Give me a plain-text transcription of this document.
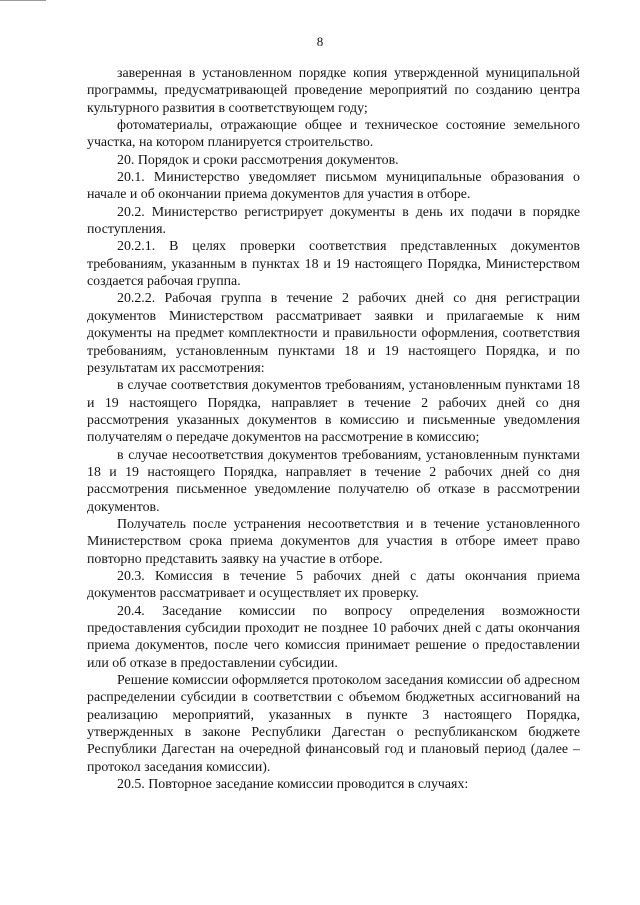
8

заверенная в установленном порядке копия утвержденной муниципальной программы, предусматривающей проведение мероприятий по созданию центра культурного развития в соответствующем году;

фотоматериалы, отражающие общее и техническое состояние земельного участка, на котором планируется строительство.

20. Порядок и сроки рассмотрения документов.

20.1. Министерство уведомляет письмом муниципальные образования о начале и об окончании приема документов для участия в отборе.

20.2. Министерство регистрирует документы в день их подачи в порядке поступления.

20.2.1. В целях проверки соответствия представленных документов требованиям, указанным в пунктах 18 и 19 настоящего Порядка, Министерством создается рабочая группа.

20.2.2. Рабочая группа в течение 2 рабочих дней со дня регистрации документов Министерством рассматривает заявки и прилагаемые к ним документы на предмет комплектности и правильности оформления, соответствия требованиям, установленным пунктами 18 и 19 настоящего Порядка, и по результатам их рассмотрения:

в случае соответствия документов требованиям, установленным пунктами 18 и 19 настоящего Порядка, направляет в течение 2 рабочих дней со дня рассмотрения указанных документов в комиссию и письменные уведомления получателям о передаче документов на рассмотрение в комиссию;

в случае несоответствия документов требованиям, установленным пунктами 18 и 19 настоящего Порядка, направляет в течение 2 рабочих дней со дня рассмотрения письменное уведомление получателю об отказе в рассмотрении документов.

Получатель после устранения несоответствия и в течение установленного Министерством срока приема документов для участия в отборе имеет право повторно представить заявку на участие в отборе.

20.3. Комиссия в течение 5 рабочих дней с даты окончания приема документов рассматривает и осуществляет их проверку.

20.4. Заседание комиссии по вопросу определения возможности предоставления субсидии проходит не позднее 10 рабочих дней с даты окончания приема документов, после чего комиссия принимает решение о предоставлении или об отказе в предоставлении субсидии.

Решение комиссии оформляется протоколом заседания комиссии об адресном распределении субсидии в соответствии с объемом бюджетных ассигнований на реализацию мероприятий, указанных в пункте 3 настоящего Порядка, утвержденных в законе Республики Дагестан о республиканском бюджете Республики Дагестан на очередной финансовый год и плановый период (далее – протокол заседания комиссии).

20.5. Повторное заседание комиссии проводится в случаях:
